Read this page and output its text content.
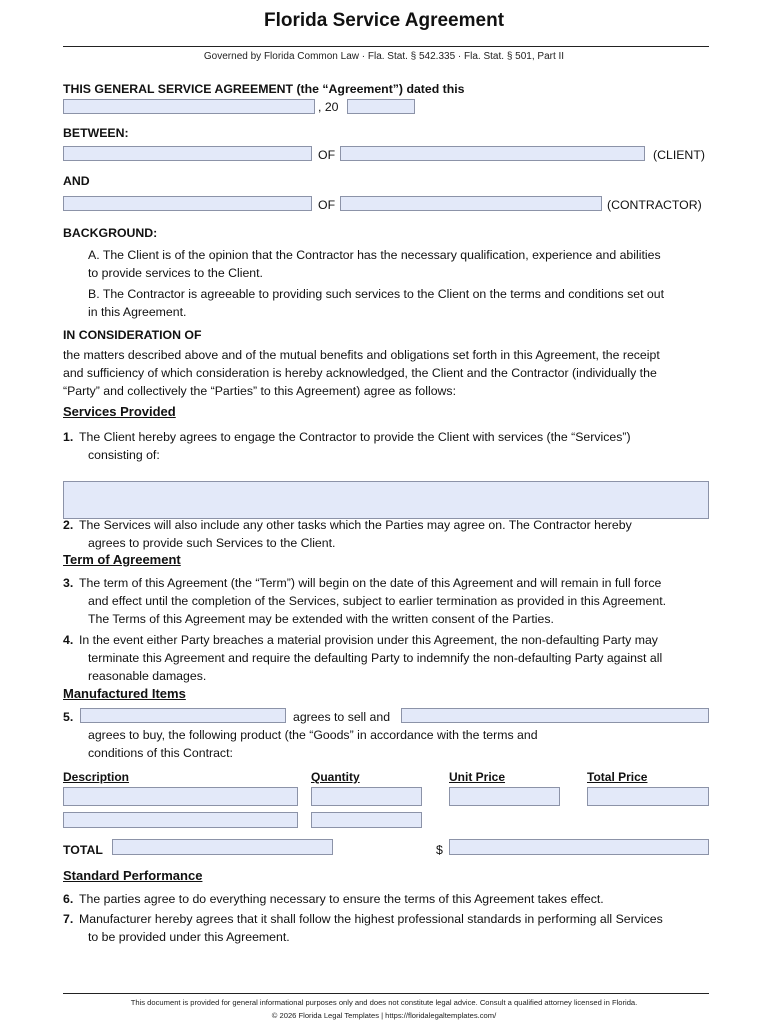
Florida Service Agreement
Governed by Florida Common Law · Fla. Stat. § 542.335 · Fla. Stat. § 501, Part II
THIS GENERAL SERVICE AGREEMENT (the “Agreement”) dated this
, 20
BETWEEN:
OF	(CLIENT)
AND
OF	(CONTRACTOR)
BACKGROUND:
A. The Client is of the opinion that the Contractor has the necessary qualification, experience and abilities
to provide services to the Client.
B. The Contractor is agreeable to providing such services to the Client on the terms and conditions set out
in this Agreement.
IN CONSIDERATION OF
the matters described above and of the mutual benefits and obligations set forth in this Agreement, the receipt
and sufficiency of which consideration is hereby acknowledged, the Client and the Contractor (individually the
“Party” and collectively the “Parties” to this Agreement) agree as follows:
Services Provided
1. The Client hereby agrees to engage the Contractor to provide the Client with services (the “Services”)
consisting of:
2. The Services will also include any other tasks which the Parties may agree on. The Contractor hereby
agrees to provide such Services to the Client.
Term of Agreement
3. The term of this Agreement (the “Term”) will begin on the date of this Agreement and will remain in full force
and effect until the completion of the Services, subject to earlier termination as provided in this Agreement.
The Terms of this Agreement may be extended with the written consent of the Parties.
4. In the event either Party breaches a material provision under this Agreement, the non-defaulting Party may
terminate this Agreement and require the defaulting Party to indemnify the non-defaulting Party against all
reasonable damages.
Manufactured Items
5.	agrees to sell and
agrees to buy, the following product (the “Goods” in accordance with the terms and
conditions of this Contract:
Description	Quantity	Unit Price	Total Price
TOTAL	$
Standard Performance
6. The parties agree to do everything necessary to ensure the terms of this Agreement takes effect.
7. Manufacturer hereby agrees that it shall follow the highest professional standards in performing all Services
to be provided under this Agreement.
This document is provided for general informational purposes only and does not constitute legal advice. Consult a qualified attorney licensed in Florida.
© 2026 Florida Legal Templates | https://floridalegaltemplates.com/
